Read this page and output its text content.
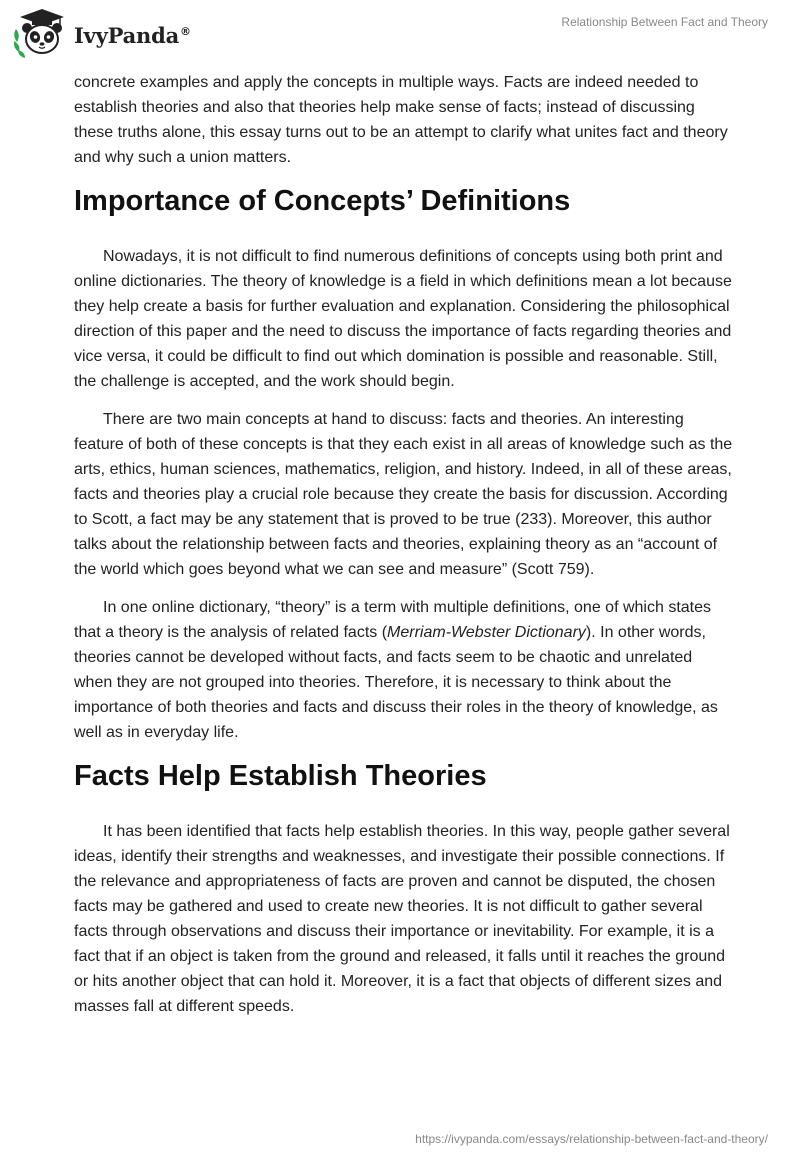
IvyPanda®
Relationship Between Fact and Theory

concrete examples and apply the concepts in multiple ways. Facts are indeed needed to establish theories and also that theories help make sense of facts; instead of discussing these truths alone, this essay turns out to be an attempt to clarify what unites fact and theory and why such a union matters.

Importance of Concepts’ Definitions

Nowadays, it is not difficult to find numerous definitions of concepts using both print and online dictionaries. The theory of knowledge is a field in which definitions mean a lot because they help create a basis for further evaluation and explanation. Considering the philosophical direction of this paper and the need to discuss the importance of facts regarding theories and vice versa, it could be difficult to find out which domination is possible and reasonable. Still, the challenge is accepted, and the work should begin.

There are two main concepts at hand to discuss: facts and theories. An interesting feature of both of these concepts is that they each exist in all areas of knowledge such as the arts, ethics, human sciences, mathematics, religion, and history. Indeed, in all of these areas, facts and theories play a crucial role because they create the basis for discussion. According to Scott, a fact may be any statement that is proved to be true (233). Moreover, this author talks about the relationship between facts and theories, explaining theory as an “account of the world which goes beyond what we can see and measure” (Scott 759).

In one online dictionary, “theory” is a term with multiple definitions, one of which states that a theory is the analysis of related facts (Merriam-Webster Dictionary). In other words, theories cannot be developed without facts, and facts seem to be chaotic and unrelated when they are not grouped into theories. Therefore, it is necessary to think about the importance of both theories and facts and discuss their roles in the theory of knowledge, as well as in everyday life.

Facts Help Establish Theories

It has been identified that facts help establish theories. In this way, people gather several ideas, identify their strengths and weaknesses, and investigate their possible connections. If the relevance and appropriateness of facts are proven and cannot be disputed, the chosen facts may be gathered and used to create new theories. It is not difficult to gather several facts through observations and discuss their importance or inevitability. For example, it is a fact that if an object is taken from the ground and released, it falls until it reaches the ground or hits another object that can hold it. Moreover, it is a fact that objects of different sizes and masses fall at different speeds.

https://ivypanda.com/essays/relationship-between-fact-and-theory/
